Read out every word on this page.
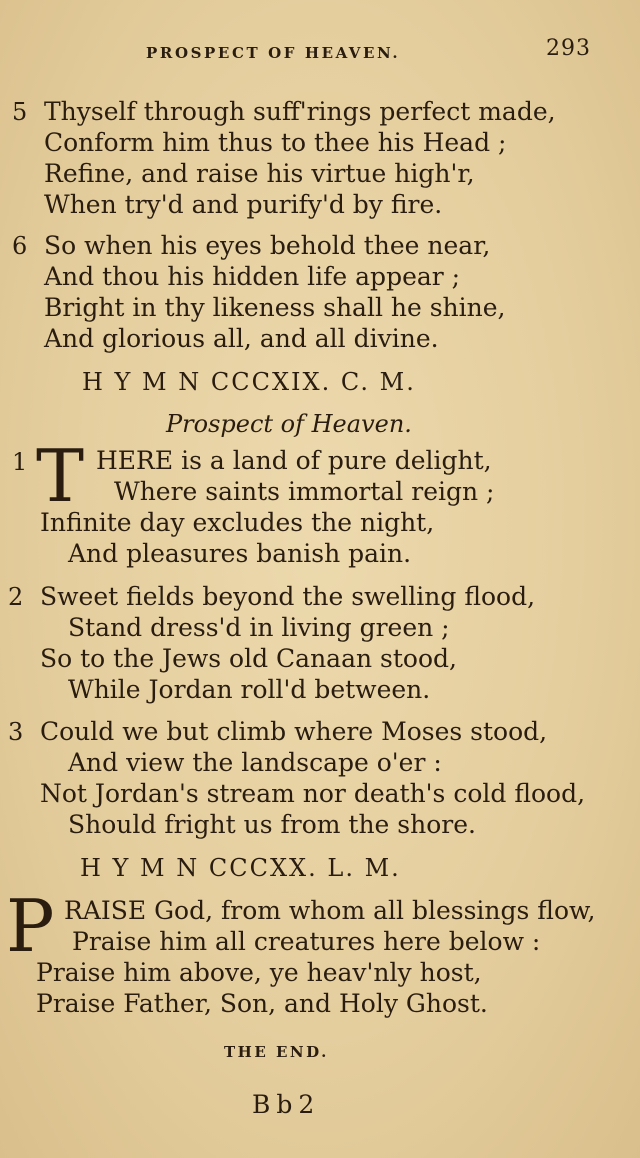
PROSPECT OF HEAVEN.	293
5 Thyself through suff'rings perfect made,
Conform him thus to thee his Head ;
Refine, and raise his virtue high'r,
When try'd and purify'd by fire.
6 So when his eyes behold thee near,
And thou his hidden life appear ;
Bright in thy likeness shall he shine,
And glorious all, and all divine.
H Y M N CCCXIX. C. M.
Prospect of Heaven.
1 T HERE is a land of pure delight,
Where saints immortal reign ;
Infinite day excludes the night,
And pleasures banish pain.
2 Sweet fields beyond the swelling flood,
Stand dress'd in living green ;
So to the Jews old Canaan stood,
While Jordan roll'd between.
3 Could we but climb where Moses stood,
And view the landscape o'er :
Not Jordan's stream nor death's cold flood,
Should fright us from the shore.
H Y M N CCCXX. L. M.
P RAISE God, from whom all blessings flow,
Praise him all creatures here below :
Praise him above, ye heav'nly host,
Praise Father, Son, and Holy Ghost.
THE END.
Bb2
